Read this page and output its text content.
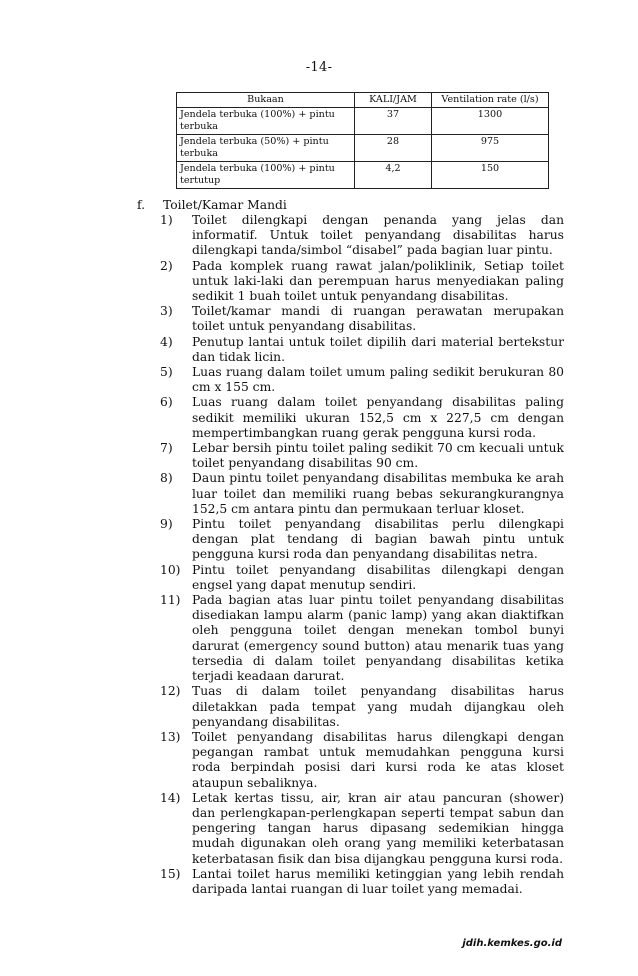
-14-
Bukaan	KALI/JAM	Ventilation rate (l/s)
Jendela terbuka (100%) + pintu terbuka	37	1300
Jendela terbuka (50%) + pintu terbuka	28	975
Jendela terbuka (100%) + pintu tertutup	4,2	150
f. Toilet/Kamar Mandi
1) Toilet dilengkapi dengan penanda yang jelas dan informatif. Untuk toilet penyandang disabilitas harus dilengkapi tanda/simbol “disabel” pada bagian luar pintu.
2) Pada komplek ruang rawat jalan/poliklinik, Setiap toilet untuk laki-laki dan perempuan harus menyediakan paling sedikit 1 buah toilet untuk penyandang disabilitas.
3) Toilet/kamar mandi di ruangan perawatan merupakan toilet untuk penyandang disabilitas.
4) Penutup lantai untuk toilet dipilih dari material bertekstur dan tidak licin.
5) Luas ruang dalam toilet umum paling sedikit berukuran 80 cm x 155 cm.
6) Luas ruang dalam toilet penyandang disabilitas paling sedikit memiliki ukuran 152,5 cm x 227,5 cm dengan mempertimbangkan ruang gerak pengguna kursi roda.
7) Lebar bersih pintu toilet paling sedikit 70 cm kecuali untuk toilet penyandang disabilitas 90 cm.
8) Daun pintu toilet penyandang disabilitas membuka ke arah luar toilet dan memiliki ruang bebas sekurangkurangnya 152,5 cm antara pintu dan permukaan terluar kloset.
9) Pintu toilet penyandang disabilitas perlu dilengkapi dengan plat tendang di bagian bawah pintu untuk pengguna kursi roda dan penyandang disabilitas netra.
10) Pintu toilet penyandang disabilitas dilengkapi dengan engsel yang dapat menutup sendiri.
11) Pada bagian atas luar pintu toilet penyandang disabilitas disediakan lampu alarm (panic lamp) yang akan diaktifkan oleh pengguna toilet dengan menekan tombol bunyi darurat (emergency sound button) atau menarik tuas yang tersedia di dalam toilet penyandang disabilitas ketika terjadi keadaan darurat.
12) Tuas di dalam toilet penyandang disabilitas harus diletakkan pada tempat yang mudah dijangkau oleh penyandang disabilitas.
13) Toilet penyandang disabilitas harus dilengkapi dengan pegangan rambat untuk memudahkan pengguna kursi roda berpindah posisi dari kursi roda ke atas kloset ataupun sebaliknya.
14) Letak kertas tissu, air, kran air atau pancuran (shower) dan perlengkapan-perlengkapan seperti tempat sabun dan pengering tangan harus dipasang sedemikian hingga mudah digunakan oleh orang yang memiliki keterbatasan keterbatasan fisik dan bisa dijangkau pengguna kursi roda.
15) Lantai toilet harus memiliki ketinggian yang lebih rendah daripada lantai ruangan di luar toilet yang memadai.
jdih.kemkes.go.id
